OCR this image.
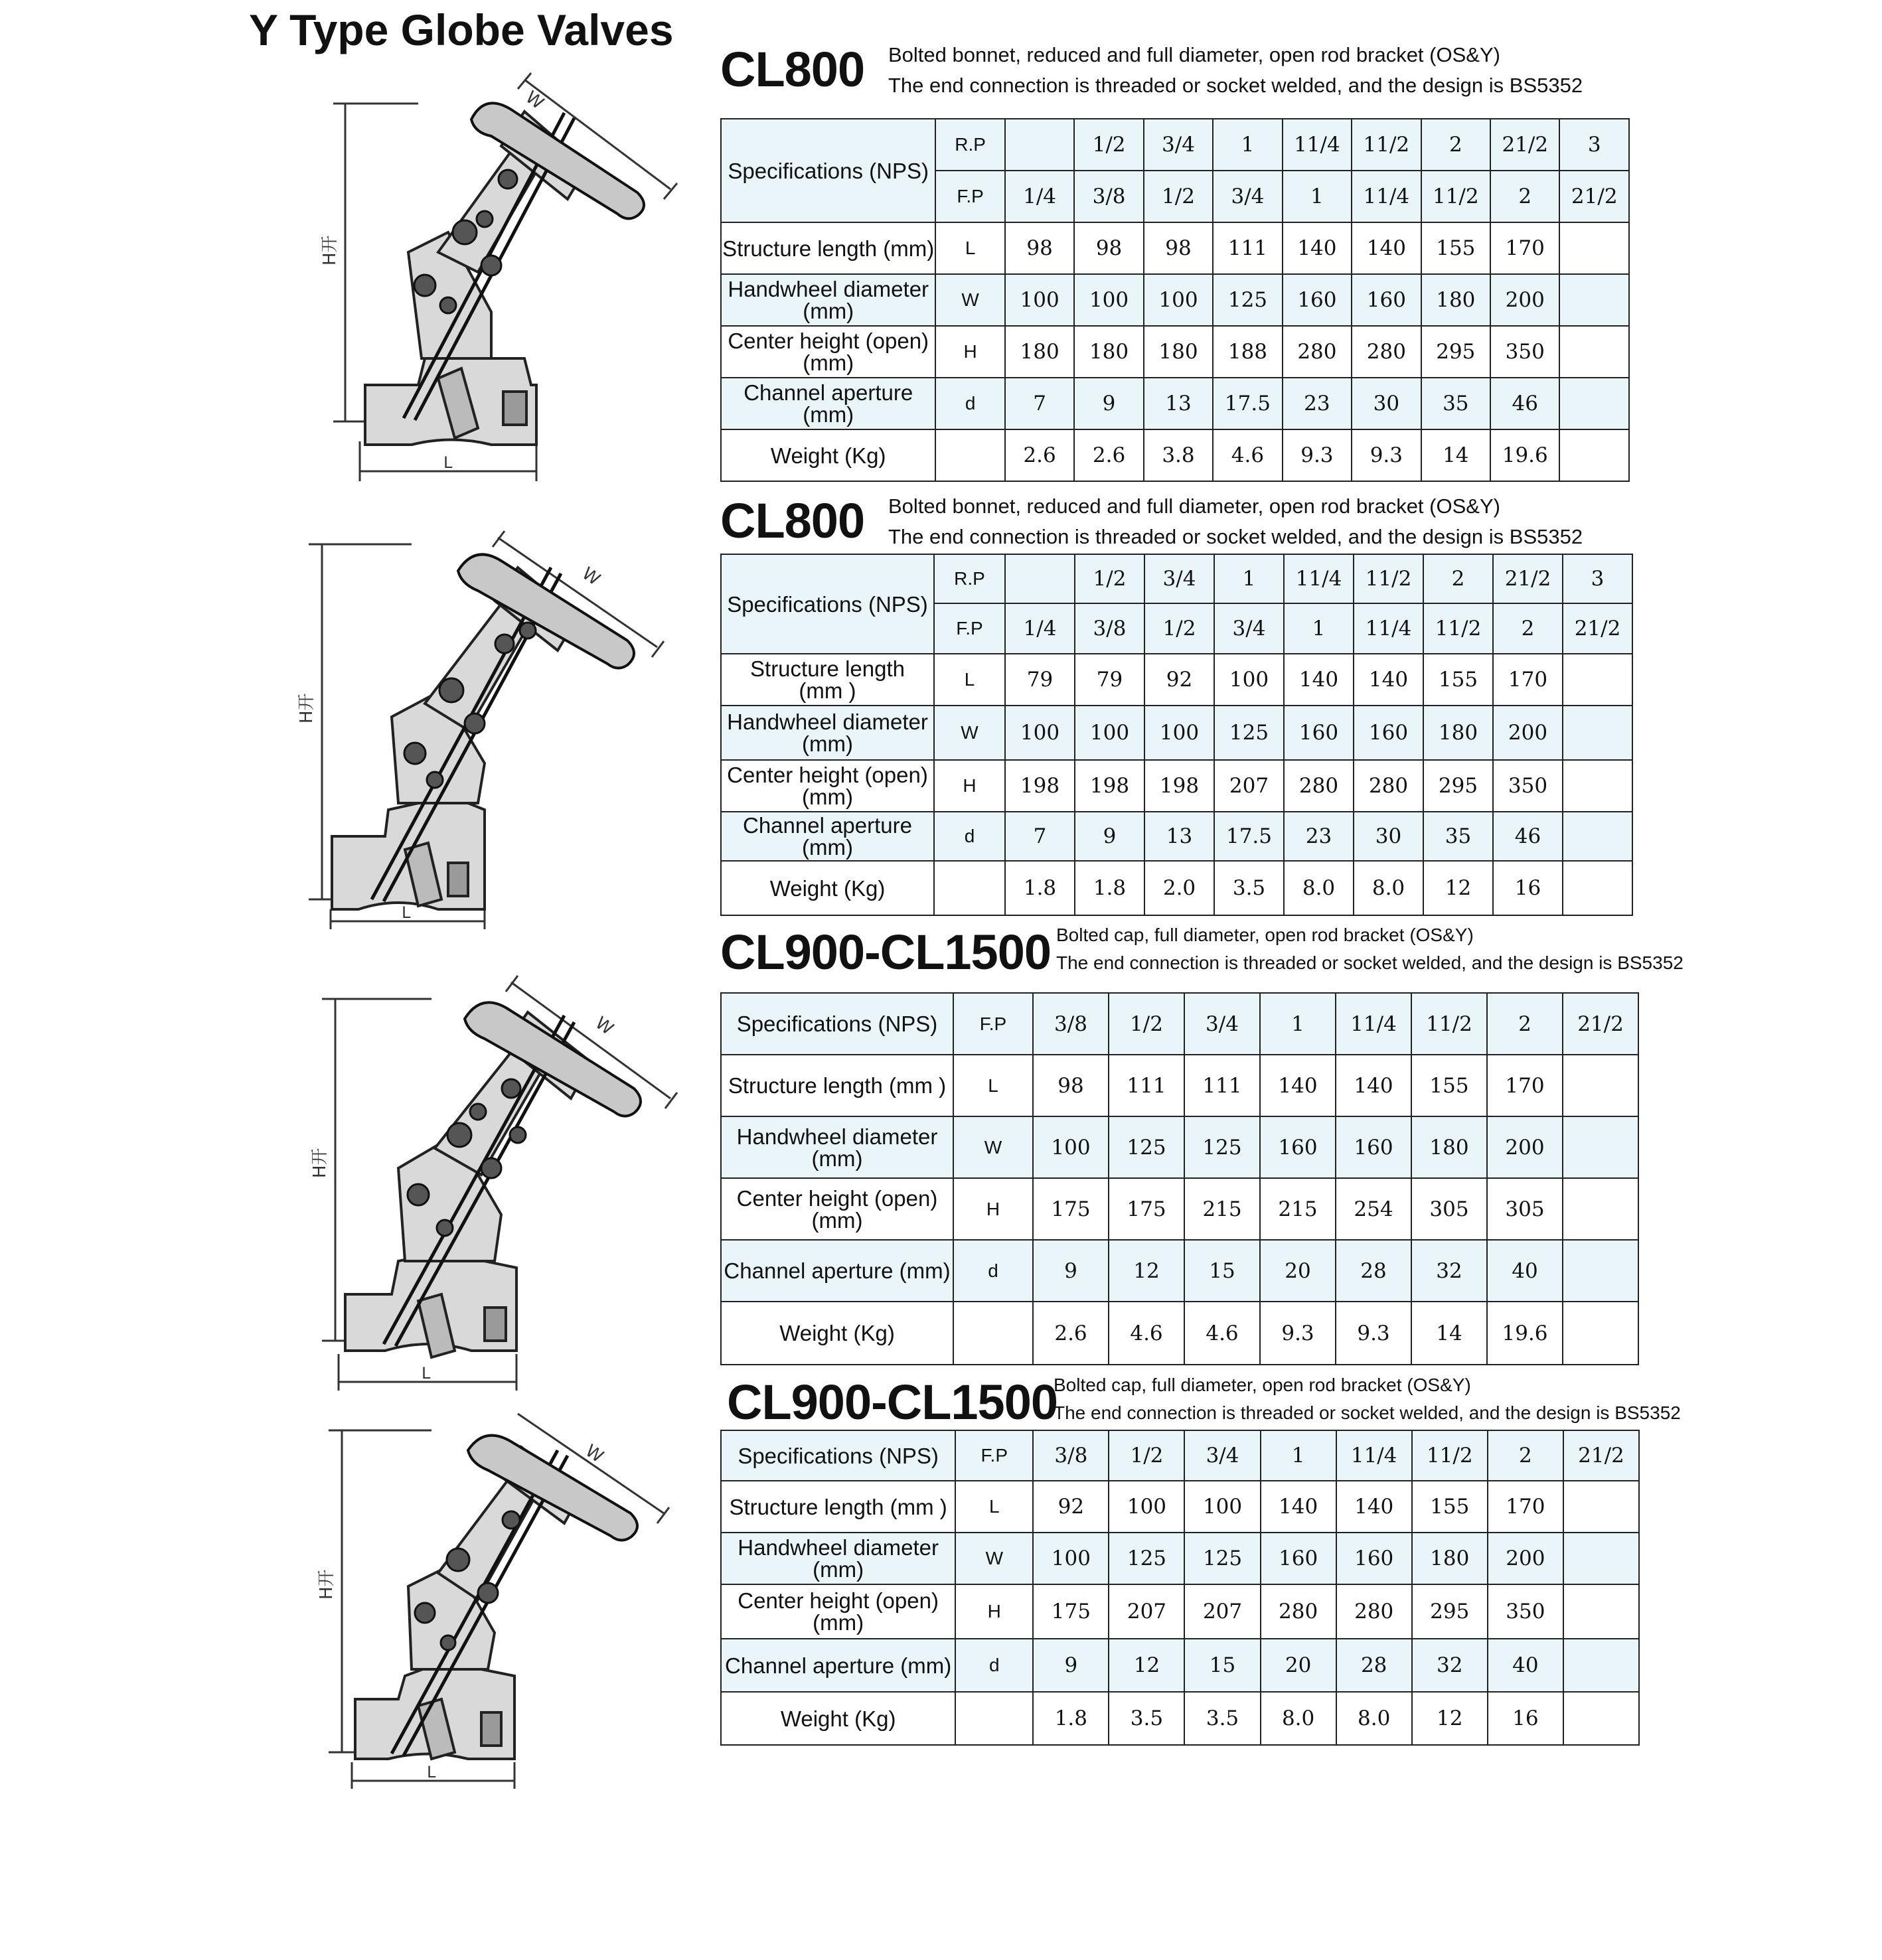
Y Type Globe Valves
W
H开
L
CL800 Bolted bonnet, reduced and full diameter, open rod bracket (OS&Y)
The end connection is threaded or socket welded, and the design is BS5352
Specifications (NPS)	R.P		1/2	3/4	1	11/4	11/2	2	21/2	3
	F.P	1/4	3/8	1/2	3/4	1	11/4	11/2	2	21/2
Structure length (mm)	L	98	98	98	111	140	140	155	170	
Handwheel diameter (mm)	W	100	100	100	125	160	160	180	200	
Center height (open) (mm)	H	180	180	180	188	280	280	295	350	
Channel aperture (mm)	d	7	9	13	17.5	23	30	35	46	
Weight (Kg)		2.6	2.6	3.8	4.6	9.3	9.3	14	19.6	
W
H开
L
CL800 Bolted bonnet, reduced and full diameter, open rod bracket (OS&Y)
The end connection is threaded or socket welded, and the design is BS5352
Specifications (NPS)	R.P		1/2	3/4	1	11/4	11/2	2	21/2	3
	F.P	1/4	3/8	1/2	3/4	1	11/4	11/2	2	21/2
Structure length (mm )	L	79	79	92	100	140	140	155	170	
Handwheel diameter (mm)	W	100	100	100	125	160	160	180	200	
Center height (open) (mm)	H	198	198	198	207	280	280	295	350	
Channel aperture (mm)	d	7	9	13	17.5	23	30	35	46	
Weight (Kg)		1.8	1.8	2.0	3.5	8.0	8.0	12	16	
W
H开
L
CL900-CL1500 Bolted cap, full diameter, open rod bracket (OS&Y)
The end connection is threaded or socket welded, and the design is BS5352
Specifications (NPS)	F.P	3/8	1/2	3/4	1	11/4	11/2	2	21/2
Structure length (mm )	L	98	111	111	140	140	155	170	
Handwheel diameter (mm)	W	100	125	125	160	160	180	200	
Center height (open) (mm)	H	175	175	215	215	254	305	305	
Channel aperture (mm)	d	9	12	15	20	28	32	40	
Weight (Kg)		2.6	4.6	4.6	9.3	9.3	14	19.6	
W
H开
L
CL900-CL1500
Bolted cap, full diameter, open rod bracket (OS&Y)
The end connection is threaded or socket welded, and the design is BS5352
Specifications (NPS)	F.P	3/8	1/2	3/4	1	11/4	11/2	2	21/2
Structure length (mm )	L	92	100	100	140	140	155	170	
Handwheel diameter (mm)	W	100	125	125	160	160	180	200	
Center height (open) (mm)	H	175	207	207	280	280	295	350	
Channel aperture (mm)	d	9	12	15	20	28	32	40	
Weight (Kg)		1.8	3.5	3.5	8.0	8.0	12	16	
